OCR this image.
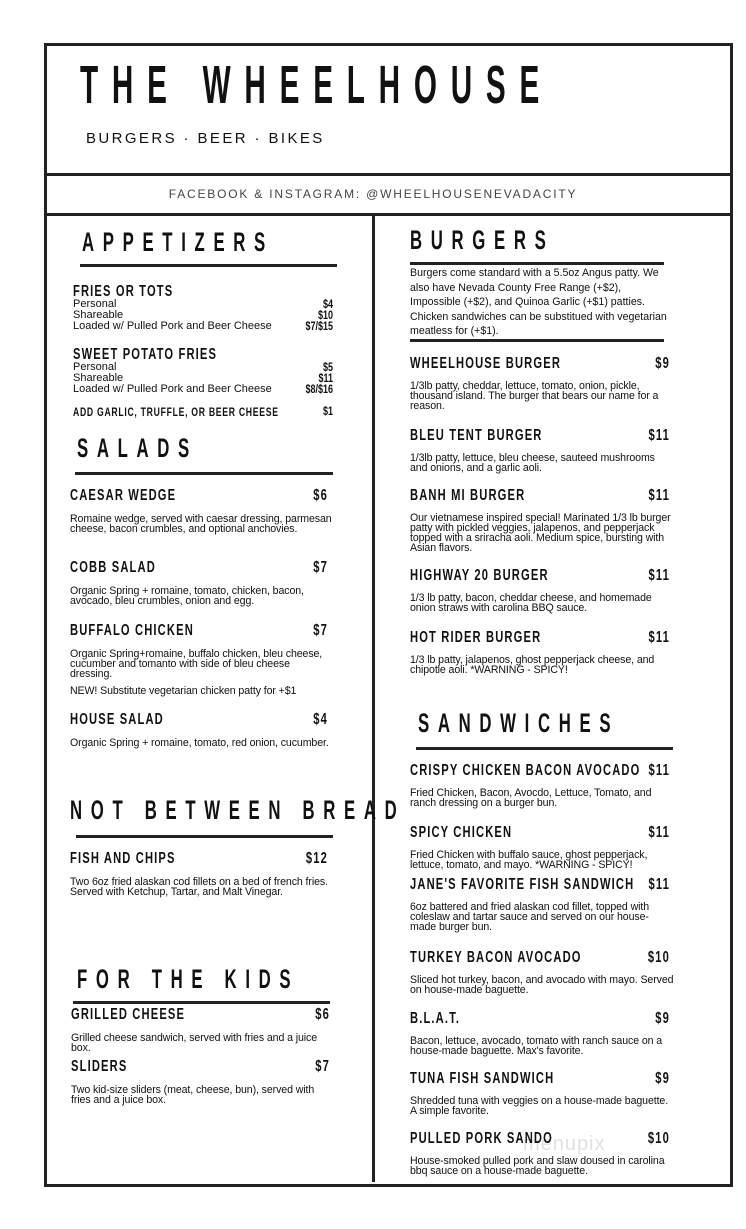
THE WHEELHOUSE
BURGERS · BEER · BIKES
FACEBOOK & INSTAGRAM: @WHEELHOUSENEVADACITY
APPETIZERS
FRIES OR TOTS
Personal	$4
Shareable	$10
Loaded w/ Pulled Pork and Beer Cheese	$7/$15
SWEET POTATO FRIES
Personal	$5
Shareable	$11
Loaded w/ Pulled Pork and Beer Cheese	$8/$16
ADD GARLIC, TRUFFLE, OR BEER CHEESE	$1
SALADS
CAESAR WEDGE	$6
Romaine wedge, served with caesar dressing, parmesan cheese, bacon crumbles, and optional anchovies.
COBB SALAD	$7
Organic Spring + romaine, tomato, chicken, bacon, avocado, bleu crumbles, onion and egg.
BUFFALO CHICKEN	$7
Organic Spring+romaine, buffalo chicken, bleu cheese, cucumber and tomanto with side of bleu cheese dressing.
HOUSE SALAD	$4
Organic Spring + romaine, tomato, red onion, cucumber.
NEW! Substitute vegetarian chicken patty for +$1
NOT BETWEEN BREAD
FISH AND CHIPS	$12
Two 6oz fried alaskan cod fillets on a bed of french fries. Served with Ketchup, Tartar, and Malt Vinegar.
FOR THE KIDS
GRILLED CHEESE	$6
Grilled cheese sandwich, served with fries and a juice box.
SLIDERS	$7
Two kid-size sliders (meat, cheese, bun), served with fries and a juice box.
BURGERS
Burgers come standard with a 5.5oz Angus patty. We also have Nevada County Free Range (+$2), Impossible (+$2), and Quinoa Garlic (+$1) patties. Chicken sandwiches can be substitued with vegetarian meatless for (+$1).
WHEELHOUSE BURGER	$9
1/3lb patty, cheddar, lettuce, tomato, onion, pickle, thousand island. The burger that bears our name for a reason.
BLEU TENT BURGER	$11
1/3lb patty, lettuce, bleu cheese, sauteed mushrooms and onions, and a garlic aoli.
BANH MI BURGER	$11
Our vietnamese inspired special! Marinated 1/3 lb burger patty with pickled veggies, jalapenos, and pepperjack topped with a sriracha aoli. Medium spice, bursting with Asian flavors.
HIGHWAY 20 BURGER	$11
1/3 lb patty, bacon, cheddar cheese, and homemade onion straws with carolina BBQ sauce.
HOT RIDER BURGER	$11
1/3 lb patty, jalapenos, ghost pepperjack cheese, and chipotle aoli. *WARNING - SPICY!
SANDWICHES
CRISPY CHICKEN BACON AVOCADO $11
Fried Chicken, Bacon, Avocdo, Lettuce, Tomato, and ranch dressing on a burger bun.
SPICY CHICKEN	$11
Fried Chicken with buffalo sauce, ghost pepperjack, lettuce, tomato, and mayo. *WARNING - SPICY!
JANE'S FAVORITE FISH SANDWICH $11
6oz battered and fried alaskan cod fillet, topped with coleslaw and tartar sauce and served on our house-made burger bun.
TURKEY BACON AVOCADO	$10
Sliced hot turkey, bacon, and avocado with mayo. Served on house-made baguette.
B.L.A.T.	$9
Bacon, lettuce, avocado, tomato with ranch sauce on a house-made baguette. Max's favorite.
TUNA FISH SANDWICH	$9
Shredded tuna with veggies on a house-made baguette. A simple favorite.
PULLED PORK SANDO	$10
House-smoked pulled pork and slaw doused in carolina bbq sauce on a house-made baguette.
menupix
